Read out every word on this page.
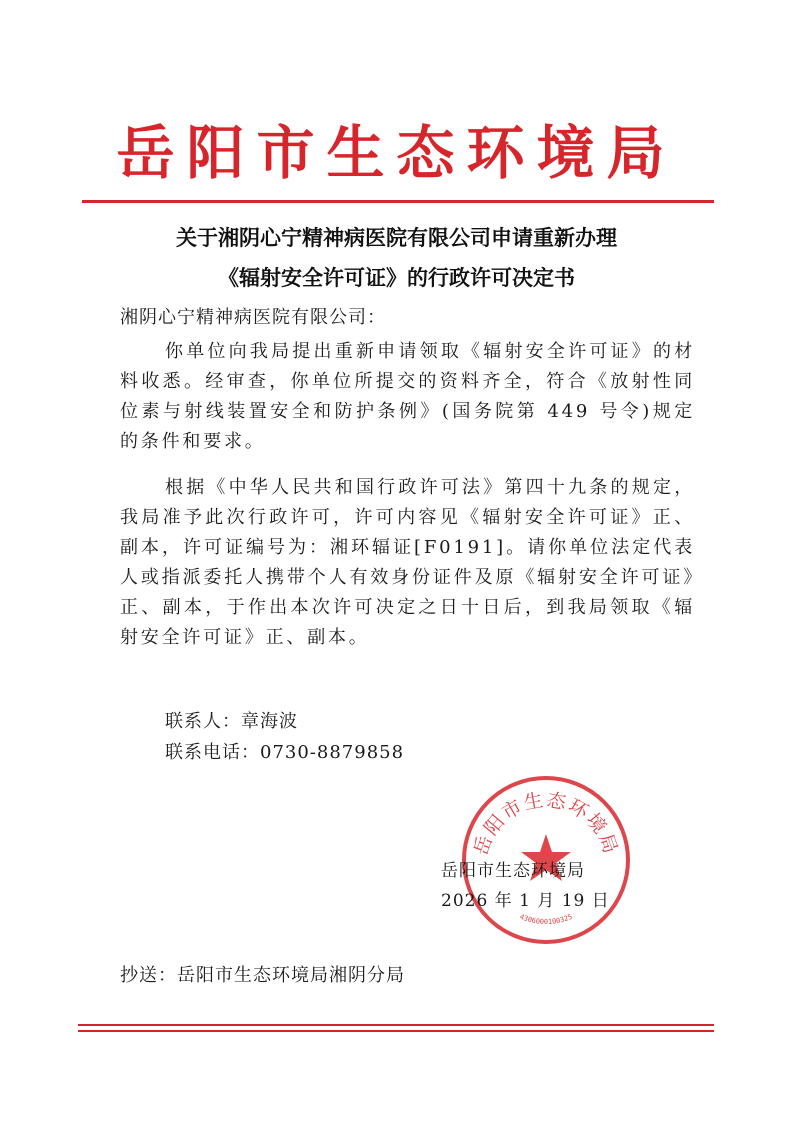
岳阳市生态环境局
关于湘阴心宁精神病医院有限公司申请重新办理
《辐射安全许可证》的行政许可决定书
湘阴心宁精神病医院有限公司：
你单位向我局提出重新申请领取《辐射安全许可证》的材料收悉。经审查，你单位所提交的资料齐全，符合《放射性同位素与射线装置安全和防护条例》(国务院第 449 号令)规定的条件和要求。
根据《中华人民共和国行政许可法》第四十九条的规定，我局准予此次行政许可，许可内容见《辐射安全许可证》正、副本，许可证编号为：湘环辐证[F0191]。请你单位法定代表人或指派委托人携带个人有效身份证件及原《辐射安全许可证》正、副本，于作出本次许可决定之日十日后，到我局领取《辐射安全许可证》正、副本。
联系人：章海波
联系电话：0730-8879858
岳阳市生态环境局
4306000100325
岳阳市生态环境局
2026 年 1 月 19 日
抄送：岳阳市生态环境局湘阴分局
